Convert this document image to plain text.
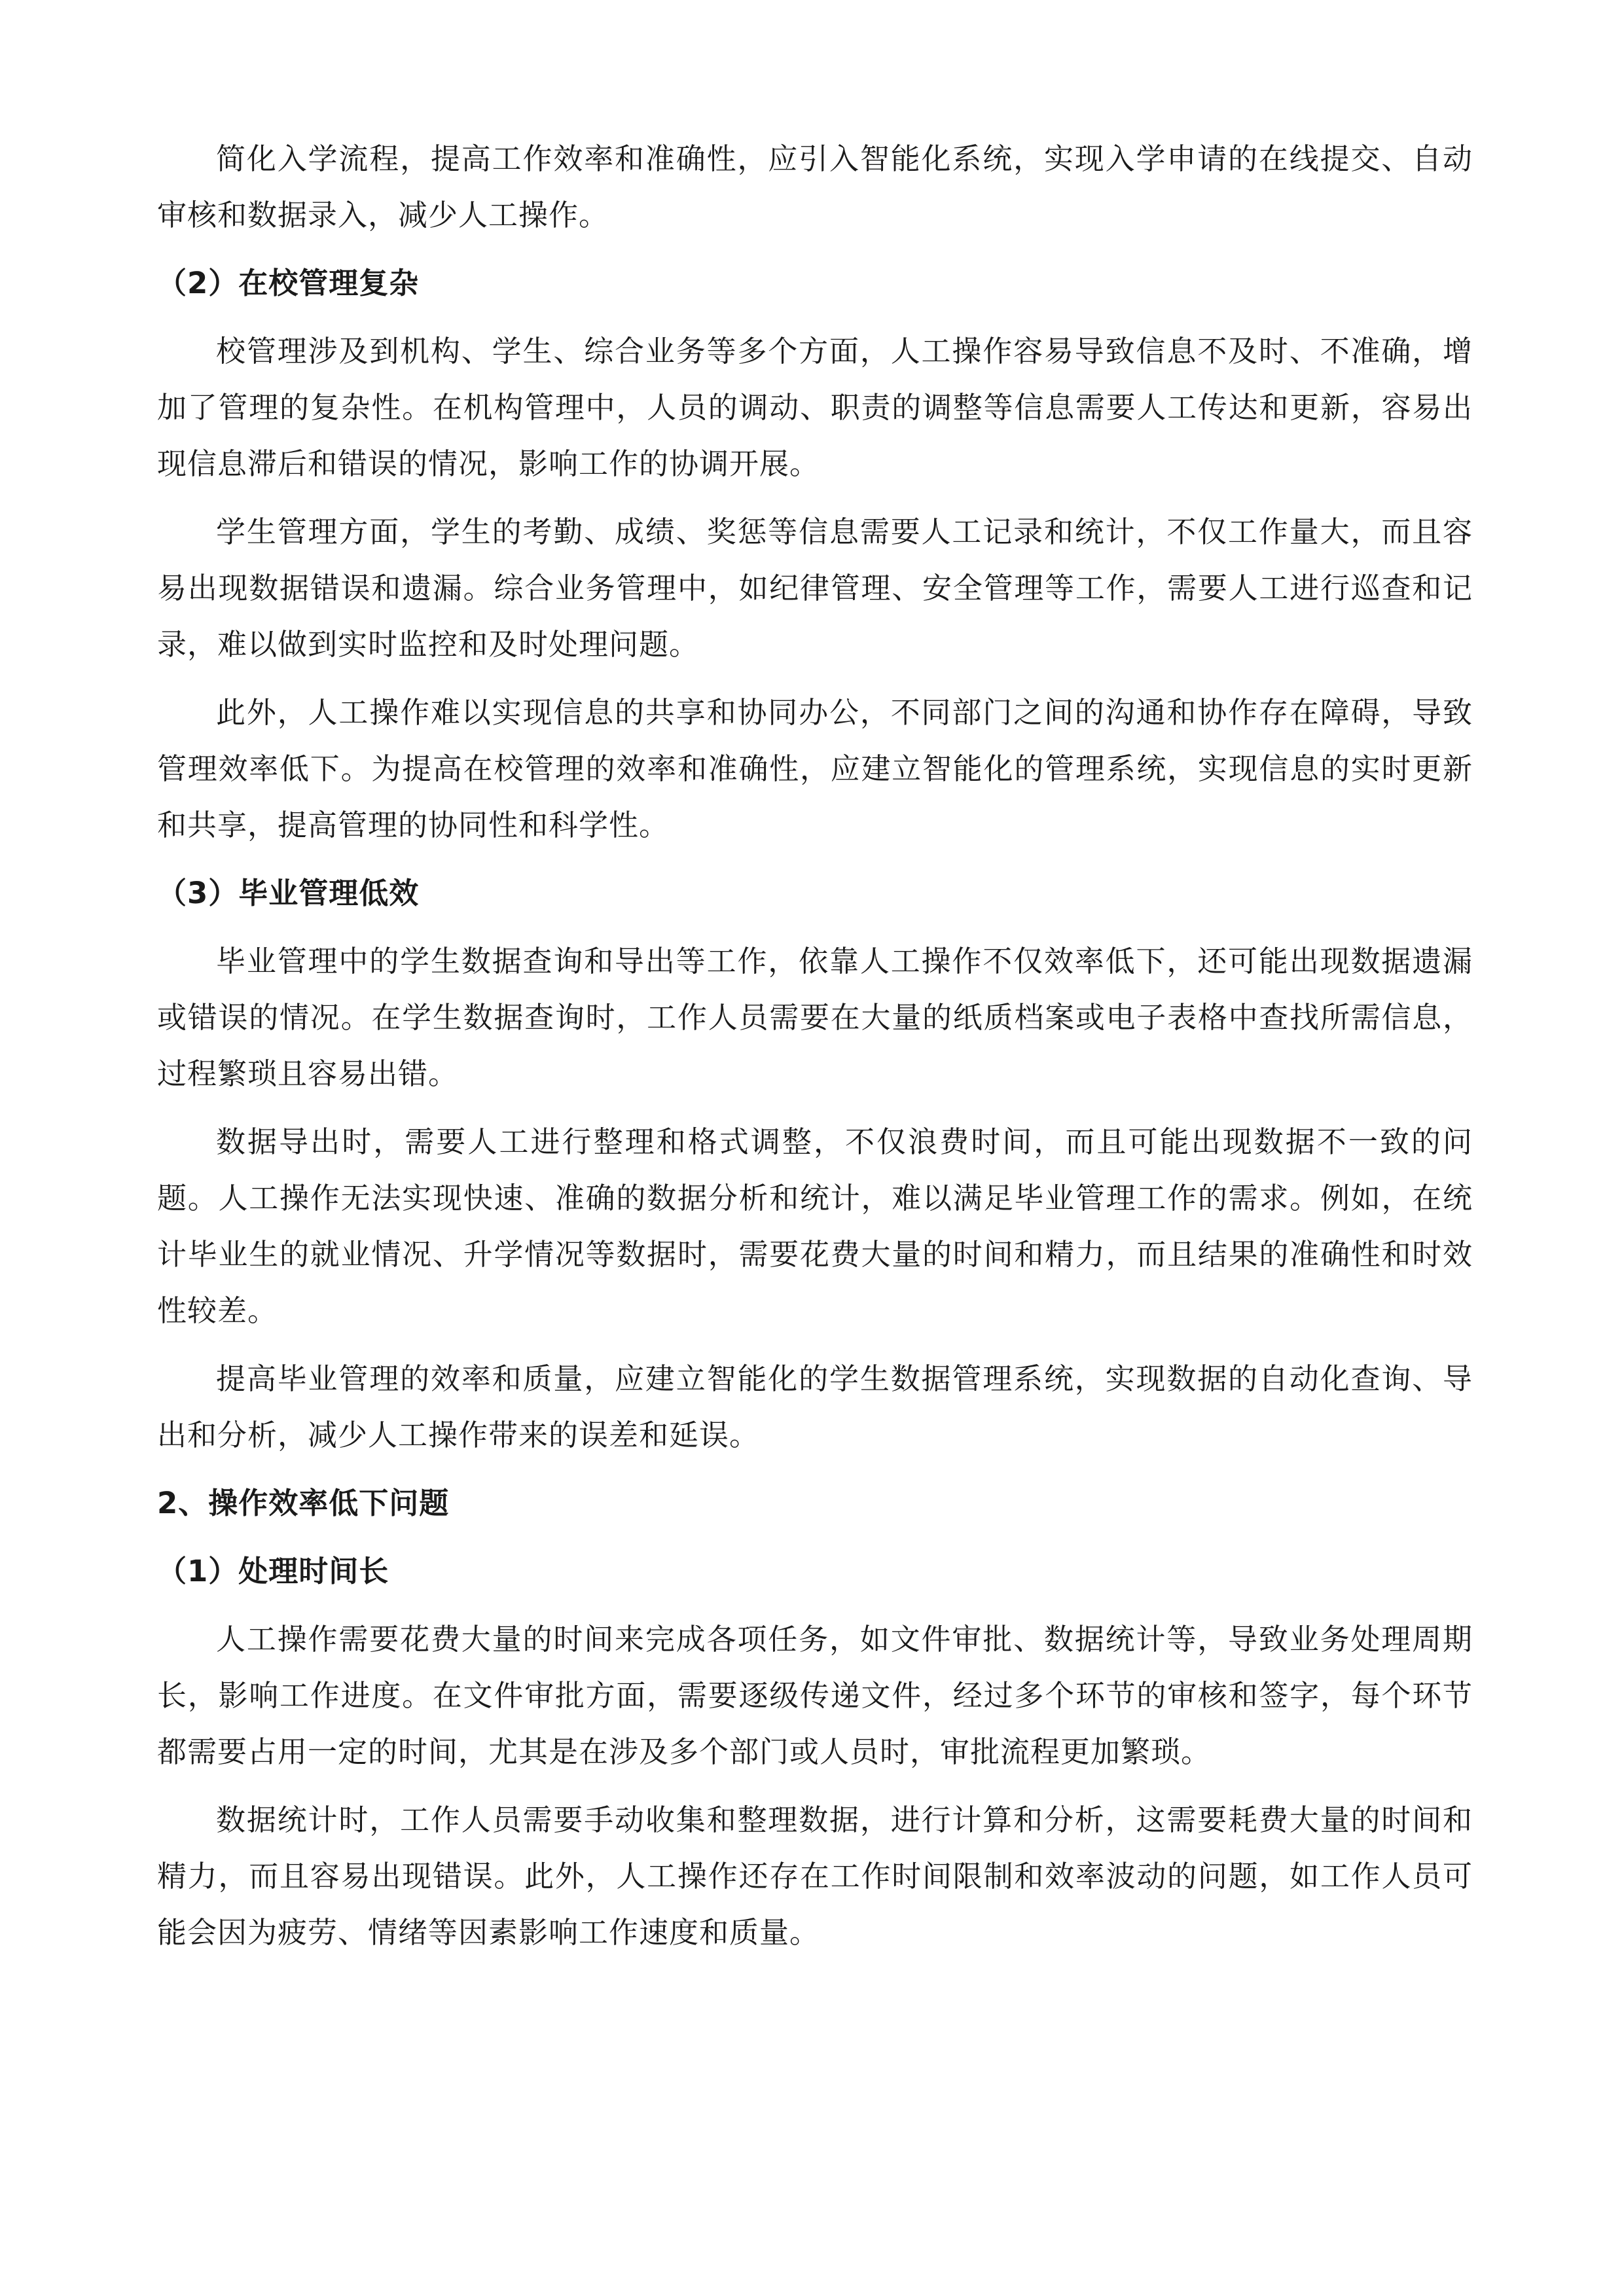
简化入学流程，提高工作效率和准确性，应引入智能化系统，实现入学申请的在线提交、自动审核和数据录入，减少人工操作。

（2）在校管理复杂

校管理涉及到机构、学生、综合业务等多个方面，人工操作容易导致信息不及时、不准确，增加了管理的复杂性。在机构管理中，人员的调动、职责的调整等信息需要人工传达和更新，容易出现信息滞后和错误的情况，影响工作的协调开展。

学生管理方面，学生的考勤、成绩、奖惩等信息需要人工记录和统计，不仅工作量大，而且容易出现数据错误和遗漏。综合业务管理中，如纪律管理、安全管理等工作，需要人工进行巡查和记录，难以做到实时监控和及时处理问题。

此外，人工操作难以实现信息的共享和协同办公，不同部门之间的沟通和协作存在障碍，导致管理效率低下。为提高在校管理的效率和准确性，应建立智能化的管理系统，实现信息的实时更新和共享，提高管理的协同性和科学性。

（3）毕业管理低效

毕业管理中的学生数据查询和导出等工作，依靠人工操作不仅效率低下，还可能出现数据遗漏或错误的情况。在学生数据查询时，工作人员需要在大量的纸质档案或电子表格中查找所需信息，过程繁琐且容易出错。

数据导出时，需要人工进行整理和格式调整，不仅浪费时间，而且可能出现数据不一致的问题。人工操作无法实现快速、准确的数据分析和统计，难以满足毕业管理工作的需求。例如，在统计毕业生的就业情况、升学情况等数据时，需要花费大量的时间和精力，而且结果的准确性和时效性较差。

提高毕业管理的效率和质量，应建立智能化的学生数据管理系统，实现数据的自动化查询、导出和分析，减少人工操作带来的误差和延误。

2、操作效率低下问题
（1）处理时间长

人工操作需要花费大量的时间来完成各项任务，如文件审批、数据统计等，导致业务处理周期长，影响工作进度。在文件审批方面，需要逐级传递文件，经过多个环节的审核和签字，每个环节都需要占用一定的时间，尤其是在涉及多个部门或人员时，审批流程更加繁琐。

数据统计时，工作人员需要手动收集和整理数据，进行计算和分析，这需要耗费大量的时间和精力，而且容易出现错误。此外，人工操作还存在工作时间限制和效率波动的问题，如工作人员可能会因为疲劳、情绪等因素影响工作速度和质量。
